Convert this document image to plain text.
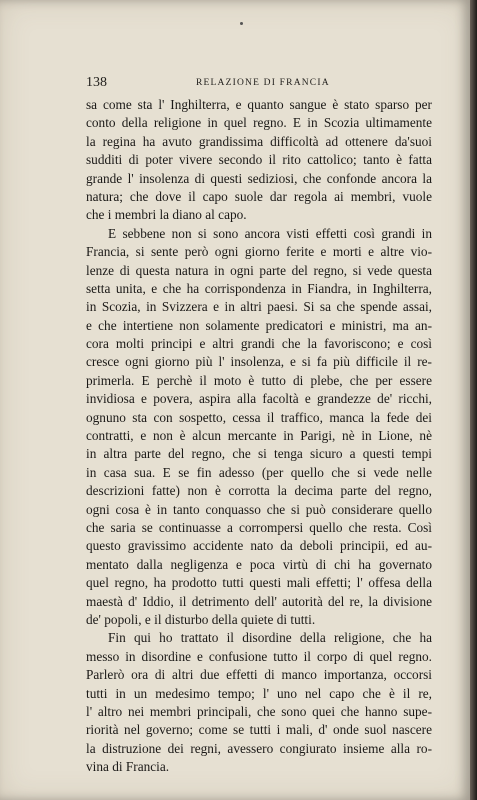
138	RELAZIONE DI FRANCIA
sa come sta l' Inghilterra, e quanto sangue è stato sparso per
conto della religione in quel regno. E in Scozia ultimamente
la regina ha avuto grandissima difficoltà ad ottenere da'suoi
sudditi di poter vivere secondo il rito cattolico; tanto è fatta
grande l' insolenza di questi sediziosi, che confonde ancora la
natura; che dove il capo suole dar regola ai membri, vuole
che i membri la diano al capo.
E sebbene non si sono ancora visti effetti così grandi in
Francia, si sente però ogni giorno ferite e morti e altre vio-
lenze di questa natura in ogni parte del regno, si vede questa
setta unita, e che ha corrispondenza in Fiandra, in Inghilterra,
in Scozia, in Svizzera e in altri paesi. Si sa che spende assai,
e che intertiene non solamente predicatori e ministri, ma an-
cora molti principi e altri grandi che la favoriscono; e così
cresce ogni giorno più l' insolenza, e si fa più difficile il re-
primerla. E perchè il moto è tutto di plebe, che per essere
invidiosa e povera, aspira alla facoltà e grandezze de' ricchi,
ognuno sta con sospetto, cessa il traffico, manca la fede dei
contratti, e non è alcun mercante in Parigi, nè in Lione, nè
in altra parte del regno, che si tenga sicuro a questi tempi
in casa sua. E se fin adesso (per quello che si vede nelle
descrizioni fatte) non è corrotta la decima parte del regno,
ogni cosa è in tanto conquasso che si può considerare quello
che saria se continuasse a corrompersi quello che resta. Così
questo gravissimo accidente nato da deboli principii, ed au-
mentato dalla negligenza e poca virtù di chi ha governato
quel regno, ha prodotto tutti questi mali effetti; l' offesa della
maestà d' Iddio, il detrimento dell' autorità del re, la divisione
de' popoli, e il disturbo della quiete di tutti.
Fin qui ho trattato il disordine della religione, che ha
messo in disordine e confusione tutto il corpo di quel regno.
Parlerò ora di altri due effetti di manco importanza, occorsi
tutti in un medesimo tempo; l' uno nel capo che è il re,
l' altro nei membri principali, che sono quei che hanno supe-
riorità nel governo; come se tutti i mali, d' onde suol nascere
la distruzione dei regni, avessero congiurato insieme alla ro-
vina di Francia.
